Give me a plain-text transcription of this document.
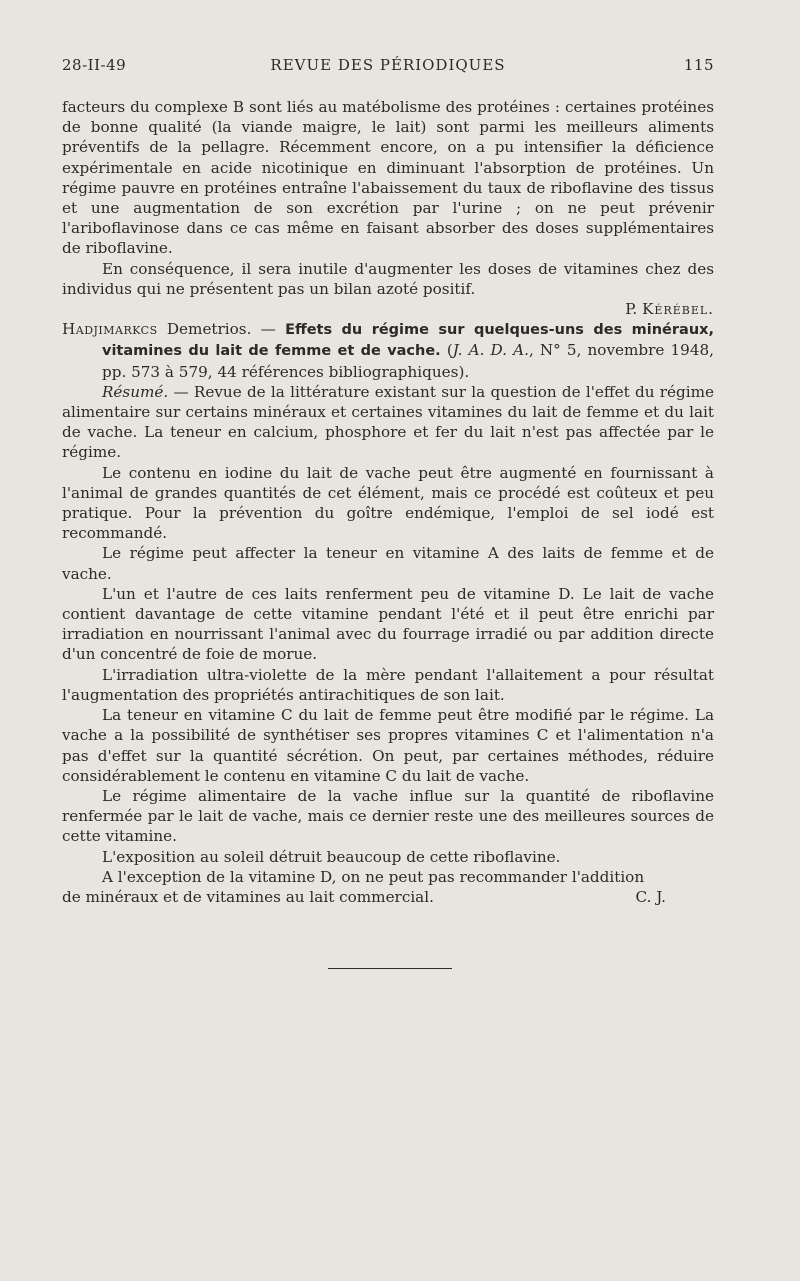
28-II-49	REVUE DES PÉRIODIQUES	115

facteurs du complexe B sont liés au matébolisme des protéines : certaines protéines de bonne qualité (la viande maigre, le lait) sont parmi les meilleurs aliments préventifs de la pellagre. Récemment encore, on a pu intensifier la déficience expérimentale en acide nicotinique en diminuant l'absorption de protéines. Un régime pauvre en protéines entraîne l'abaissement du taux de riboflavine des tissus et une augmentation de son excrétion par l'urine ; on ne peut prévenir l'ariboflavinose dans ce cas même en faisant absorber des doses supplémentaires de riboflavine.

En conséquence, il sera inutile d'augmenter les doses de vitamines chez des individus qui ne présentent pas un bilan azoté positif.

P. Kérébel.

Hadjimarkcs Demetrios. — Effets du régime sur quelques-uns des minéraux, vitamines du lait de femme et de vache. (J. A. D. A., N° 5, novembre 1948, pp. 573 à 579, 44 références bibliographiques).

Résumé. — Revue de la littérature existant sur la question de l'effet du régime alimentaire sur certains minéraux et certaines vitamines du lait de femme et du lait de vache. La teneur en calcium, phosphore et fer du lait n'est pas affectée par le régime.

Le contenu en iodine du lait de vache peut être augmenté en fournissant à l'animal de grandes quantités de cet élément, mais ce procédé est coûteux et peu pratique. Pour la prévention du goître endémique, l'emploi de sel iodé est recommandé.

Le régime peut affecter la teneur en vitamine A des laits de femme et de vache.

L'un et l'autre de ces laits renferment peu de vitamine D. Le lait de vache contient davantage de cette vitamine pendant l'été et il peut être enrichi par irradiation en nourrissant l'animal avec du fourrage irradié ou par addition directe d'un concentré de foie de morue.

L'irradiation ultra-violette de la mère pendant l'allaitement a pour résultat l'augmentation des propriétés antirachitiques de son lait.

La teneur en vitamine C du lait de femme peut être modifié par le régime. La vache a la possibilité de synthétiser ses propres vitamines C et l'alimentation n'a pas d'effet sur la quantité sécrétion. On peut, par certaines méthodes, réduire considérablement le contenu en vitamine C du lait de vache.

Le régime alimentaire de la vache influe sur la quantité de riboflavine renfermée par le lait de vache, mais ce dernier reste une des meilleures sources de cette vitamine.

L'exposition au soleil détruit beaucoup de cette riboflavine.

A l'exception de la vitamine D, on ne peut pas recommander l'addition

de minéraux et de vitamines au lait commercial.	C. J.
